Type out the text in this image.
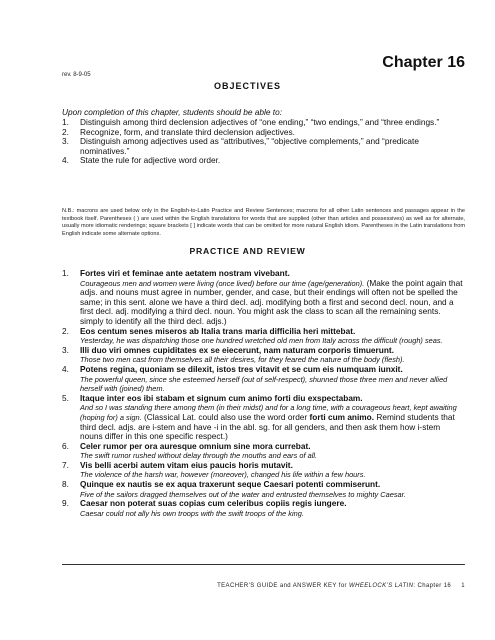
Chapter 16
rev. 8-9-05
OBJECTIVES
Upon completion of this chapter, students should be able to:
1. Distinguish among third declension adjectives of “one ending,” “two endings,” and “three endings.”
2. Recognize, form, and translate third declension adjectives.
3. Distinguish among adjectives used as “attributives,” “objective complements,” and “predicate nominatives.”
4. State the rule for adjective word order.
N.B.: macrons are used below only in the English-to-Latin Practice and Review Sentences; macrons for all other Latin sentences and passages appear in the textbook itself. Parentheses ( ) are used within the English translations for words that are supplied (other than articles and possessives) as well as for alternate, usually more idiomatic renderings; square brackets [ ] indicate words that can be omitted for more natural English idiom. Parentheses in the Latin translations from English indicate some alternate options.
PRACTICE AND REVIEW
1. Fortes viri et feminae ante aetatem nostram vivebant.
Courageous men and women were living (once lived) before our time (age/generation). (Make the point again that adjs. and nouns must agree in number, gender, and case, but their endings will often not be spelled the same; in this sent. alone we have a third decl. adj. modifying both a first and second decl. noun, and a first decl. adj. modifying a third decl. noun. You might ask the class to scan all the remaining sents. simply to identify all the third decl. adjs.)
2. Eos centum senes miseros ab Italia trans maria difficilia heri mittebat.
Yesterday, he was dispatching those one hundred wretched old men from Italy across the difficult (rough) seas.
3. Illi duo viri omnes cupiditates ex se eiecerunt, nam naturam corporis timuerunt.
Those two men cast from themselves all their desires, for they feared the nature of the body (flesh).
4. Potens regina, quoniam se dilexit, istos tres vitavit et se cum eis numquam iunxit.
The powerful queen, since she esteemed herself (out of self-respect), shunned those three men and never allied herself with (joined) them.
5. Itaque inter eos ibi stabam et signum cum animo forti diu exspectabam.
And so I was standing there among them (in their midst) and for a long time, with a courageous heart, kept awaiting (hoping for) a sign. (Classical Lat. could also use the word order forti cum animo. Remind students that third decl. adjs. are i-stem and have -i in the abl. sg. for all genders, and then ask them how i-stem nouns differ in this one specific respect.)
6. Celer rumor per ora auresque omnium sine mora currebat.
The swift rumor rushed without delay through the mouths and ears of all.
7. Vis belli acerbi autem vitam eius paucis horis mutavit.
The violence of the harsh war, however (moreover), changed his life within a few hours.
8. Quinque ex nautis se ex aqua traxerunt seque Caesari potenti commiserunt.
Five of the sailors dragged themselves out of the water and entrusted themselves to mighty Caesar.
9. Caesar non poterat suas copias cum celeribus copiis regis iungere.
Caesar could not ally his own troops with the swift troops of the king.
TEACHER’S GUIDE and ANSWER KEY for WHEELOCK’S LATIN: Chapter 16 1
